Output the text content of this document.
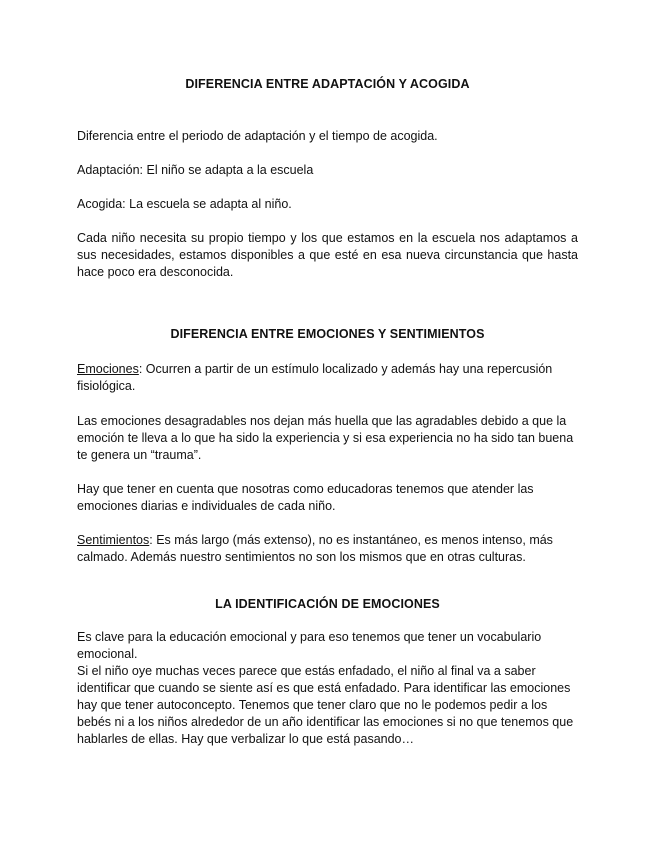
DIFERENCIA ENTRE ADAPTACIÓN Y ACOGIDA

Diferencia entre el periodo de adaptación y el tiempo de acogida.

Adaptación: El niño se adapta a la escuela

Acogida: La escuela se adapta al niño.

Cada niño necesita su propio tiempo y los que estamos en la escuela nos adaptamos a sus necesidades, estamos disponibles a que esté en esa nueva circunstancia que hasta hace poco era desconocida.

DIFERENCIA ENTRE EMOCIONES Y SENTIMIENTOS

Emociones: Ocurren a partir de un estímulo localizado y además hay una repercusión fisiológica.

Las emociones desagradables nos dejan más huella que las agradables debido a que la emoción te lleva a lo que ha sido la experiencia y si esa experiencia no ha sido tan buena te genera un “trauma”.

Hay que tener en cuenta que nosotras como educadoras tenemos que atender las emociones diarias e individuales de cada niño.

Sentimientos: Es más largo (más extenso), no es instantáneo, es menos intenso, más calmado. Además nuestro sentimientos no son los mismos que en otras culturas.

LA IDENTIFICACIÓN DE EMOCIONES

Es clave para la educación emocional y para eso tenemos que tener un vocabulario emocional.

Si el niño oye muchas veces parece que estás enfadado, el niño al final va a saber identificar que cuando se siente así es que está enfadado. Para identificar las emociones hay que tener autoconcepto. Tenemos que tener claro que no le podemos pedir a los bebés ni a los niños alrededor de un año identificar las emociones si no que tenemos que hablarles de ellas. Hay que verbalizar lo que está pasando…
